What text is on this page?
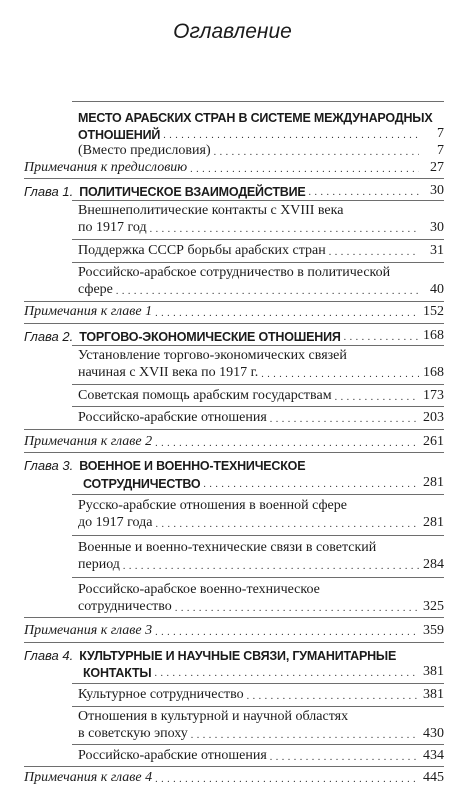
Оглавление
МЕСТО АРАБСКИХ СТРАН В СИСТЕМЕ МЕЖДУНАРОДНЫХ
ОТНОШЕНИЙ . . .	7
(Вместо предисловия) . . .	7
Примечания к предисловию . . .	27
Глава 1. ПОЛИТИЧЕСКОЕ ВЗАИМОДЕЙСТВИЕ . . .	30
Внешнеполитические контакты с XVIII века
по 1917 год . . .	30
Поддержка СССР борьбы арабских стран . . .	31
Российско-арабское сотрудничество в политической
сфере . . .	40
Примечания к главе 1 . . .	152
Глава 2. ТОРГОВО-ЭКОНОМИЧЕСКИЕ ОТНОШЕНИЯ . . .	168
Установление торгово-экономических связей
начиная с XVII века по 1917 г. . . .	168
Советская помощь арабским государствам . . .	173
Российско-арабские отношения . . .	203
Примечания к главе 2 . . .	261
Глава 3. ВОЕННОЕ И ВОЕННО-ТЕХНИЧЕСКОЕ
СОТРУДНИЧЕСТВО . . .	281
Русско-арабские отношения в военной сфере
до 1917 года . . .	281
Военные и военно-технические связи в советский
период . . .	284
Российско-арабское военно-техническое
сотрудничество . . .	325
Примечания к главе 3 . . .	359
Глава 4. КУЛЬТУРНЫЕ И НАУЧНЫЕ СВЯЗИ, ГУМАНИТАРНЫЕ
КОНТАКТЫ . . .	381
Культурное сотрудничество . . .	381
Отношения в культурной и научной областях
в советскую эпоху . . .	430
Российско-арабские отношения . . .	434
Примечания к главе 4 . . .	445
